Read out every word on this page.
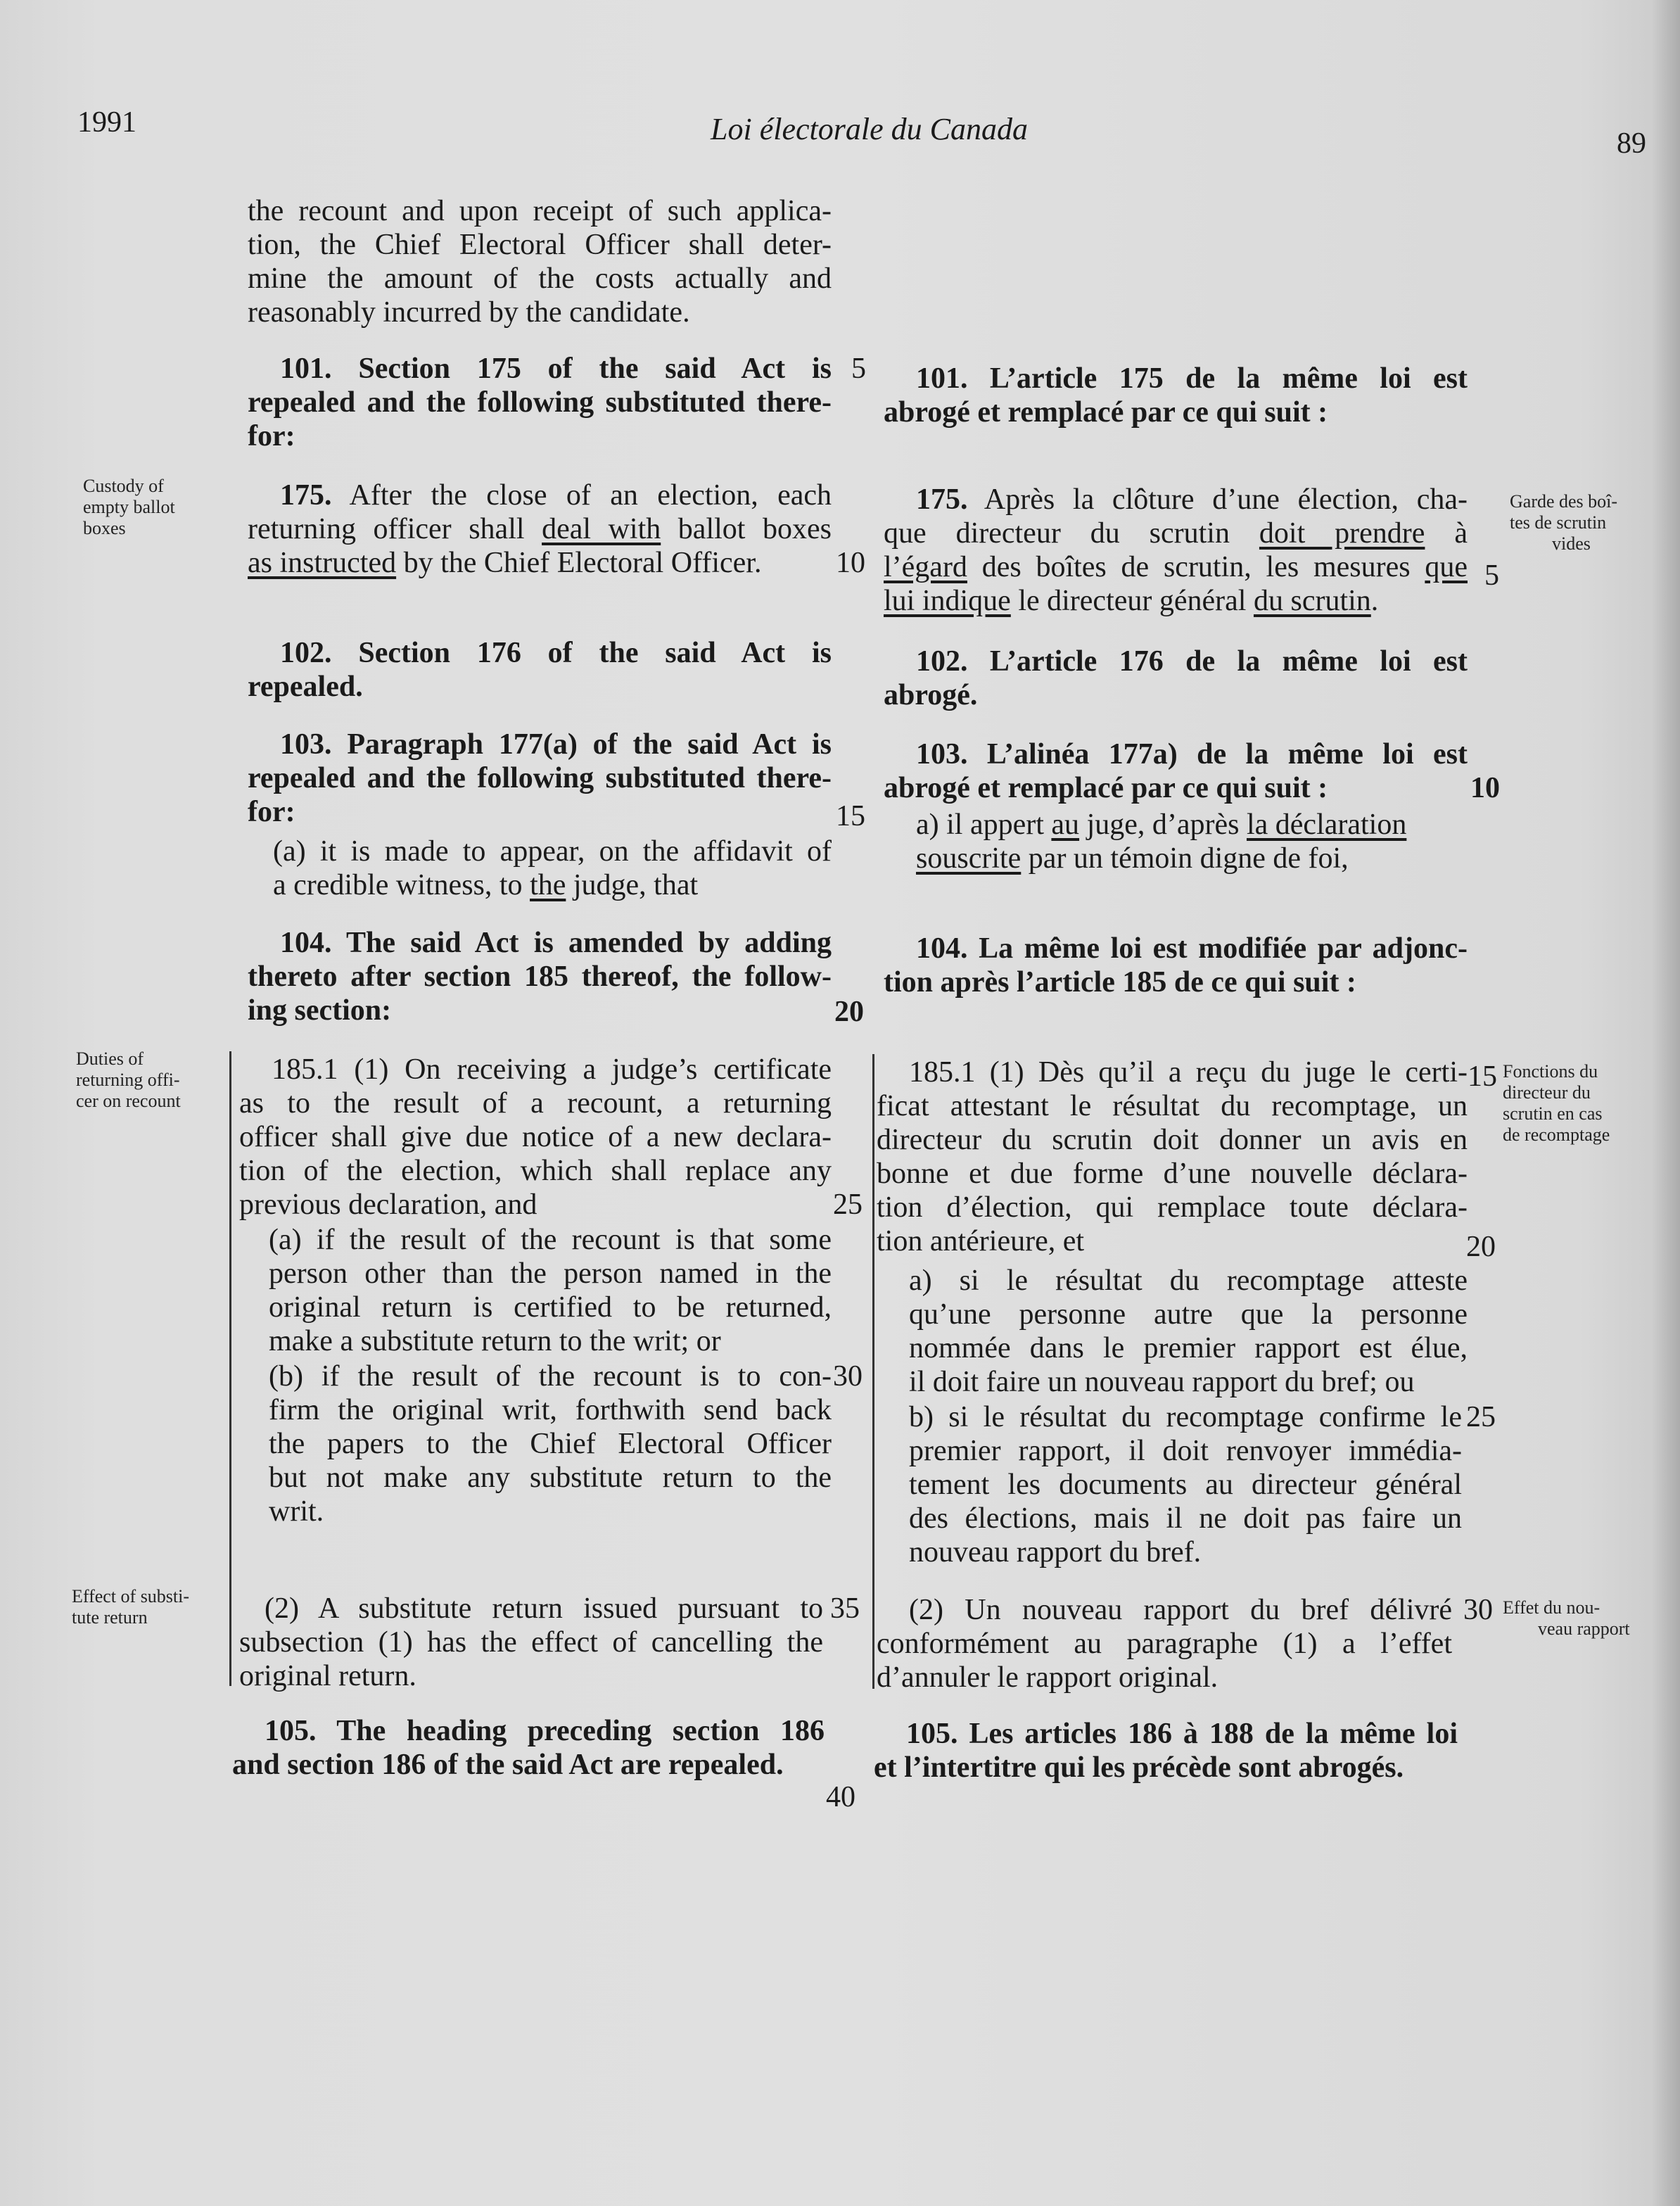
1991	Loi électorale du Canada	89
the recount and upon receipt of such applica-
tion, the Chief Electoral Officer shall deter-
mine the amount of the costs actually and
reasonably incurred by the candidate.
101. Section 175 of the said Act is
repealed and the following substituted there-
for:
175. After the close of an election, each
returning officer shall deal with ballot boxes
as instructed by the Chief Electoral Officer.
102. Section 176 of the said Act is
repealed.
103. Paragraph 177(a) of the said Act is
repealed and the following substituted there-
for:
(a) it is made to appear, on the affidavit of
a credible witness, to the judge, that
104. The said Act is amended by adding
thereto after section 185 thereof, the follow-
ing section:
185.1 (1) On receiving a judge’s certificate
as to the result of a recount, a returning
officer shall give due notice of a new declara-
tion of the election, which shall replace any
previous declaration, and
(a) if the result of the recount is that some
person other than the person named in the
original return is certified to be returned,
make a substitute return to the writ; or
(b) if the result of the recount is to con-
firm the original writ, forthwith send back
the papers to the Chief Electoral Officer
but not make any substitute return to the
writ.
(2) A substitute return issued pursuant to
subsection (1) has the effect of cancelling the
original return.
105. The heading preceding section 186
and section 186 of the said Act are repealed.
Custody of
empty ballot
boxes
Duties of
returning offi-
cer on recount
Effect of substi-
tute return
5
10
15
20
25
30
35
40
101. L’article 175 de la même loi est
abrogé et remplacé par ce qui suit :
175. Après la clôture d’une élection, cha-
que directeur du scrutin doit prendre à
l’égard des boîtes de scrutin, les mesures que
lui indique le directeur général du scrutin.
102. L’article 176 de la même loi est
abrogé.
103. L’alinéa 177a) de la même loi est
abrogé et remplacé par ce qui suit :
a) il appert au juge, d’après la déclaration
souscrite par un témoin digne de foi,
104. La même loi est modifiée par adjonc-
tion après l’article 185 de ce qui suit :
185.1 (1) Dès qu’il a reçu du juge le certi-
ficat attestant le résultat du recomptage, un
directeur du scrutin doit donner un avis en
bonne et due forme d’une nouvelle déclara-
tion d’élection, qui remplace toute déclara-
tion antérieure, et
a) si le résultat du recomptage atteste
qu’une personne autre que la personne
nommée dans le premier rapport est élue,
il doit faire un nouveau rapport du bref; ou
b) si le résultat du recomptage confirme le
premier rapport, il doit renvoyer immédia-
tement les documents au directeur général
des élections, mais il ne doit pas faire un
nouveau rapport du bref.
(2) Un nouveau rapport du bref délivré
conformément au paragraphe (1) a l’effet
d’annuler le rapport original.
105. Les articles 186 à 188 de la même loi
et l’intertitre qui les précède sont abrogés.
Garde des boî-
tes de scrutin
vides
Fonctions du
directeur du
scrutin en cas
de recomptage
Effet du nou-
veau rapport
5
10
15
20
25
30
